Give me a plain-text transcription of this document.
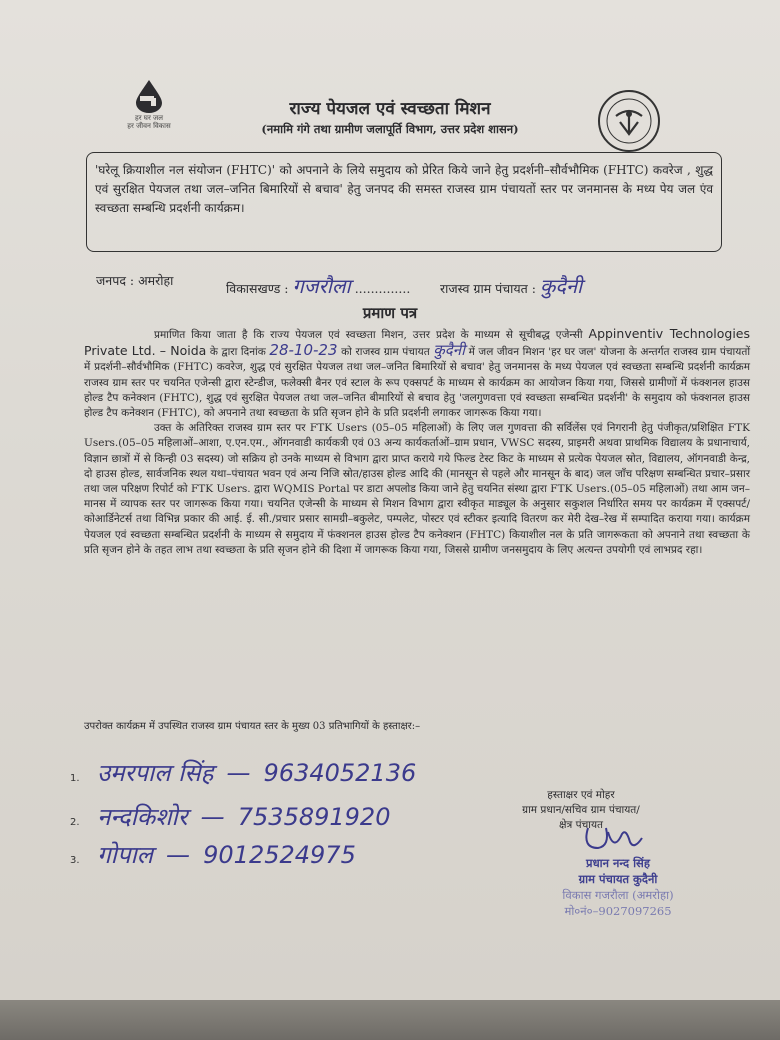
हर घर जल
हर जीवन विकास
राज्य पेयजल एवं स्वच्छता मिशन
(नमामि गंगे तथा ग्रामीण जलापूर्ति विभाग, उत्तर प्रदेश शासन)

'घरेलू क्रियाशील नल संयोजन (FHTC)' को अपनाने के लिये समुदाय को प्रेरित किये जाने हेतु प्रदर्शनी–सौर्वभौमिक (FHTC) कवरेज , शुद्ध एवं सुरक्षित पेयजल तथा जल–जनित बिमारियों से बचाव' हेतु जनपद की समस्त राजस्व ग्राम पंचायतों स्तर पर जनमानस के मध्य पेय जल एंव स्वच्छता सम्बन्धि प्रदर्शनी कार्यक्रम।

जनपद : अमरोहा
विकासखण्ड : गजरौला .............. राजस्व ग्राम पंचायत : कुदैनी
प्रमाण पत्र

प्रमाणित किया जाता है कि राज्य पेयजल एवं स्वच्छता मिशन, उत्तर प्रदेश के माध्यम से सूचीबद्ध एजेन्सी Appinventiv Technologies Private Ltd. – Noida के द्वारा दिनांक 28-10-23 को राजस्व ग्राम पंचायत कुदैनी में जल जीवन मिशन 'हर घर जल' योजना के अन्तर्गत राजस्व ग्राम पंचायतों में प्रदर्शनी–सौर्वभौमिक (FHTC) कवरेज, शुद्ध एवं सुरक्षित पेयजल तथा जल–जनित बिमारियों से बचाव' हेतु जनमानस के मध्य पेयजल एवं स्वच्छता सम्बन्धि प्रदर्शनी कार्यक्रम राजस्व ग्राम स्तर पर चयनित एजेन्सी द्वारा स्टेन्डीज, फलेक्सी बैनर एवं स्टाल के रूप एक्सपर्ट के माध्यम से कार्यक्रम का आयोजन किया गया, जिससे ग्रामीणों में फंक्शनल हाउस होल्ड टैप कनेक्शन (FHTC), शुद्ध एवं सुरक्षित पेयजल तथा जल–जनित बीमारियों से बचाव हेतु 'जलगुणवत्ता एवं स्वच्छता सम्बन्धित प्रदर्शनी' के समुदाय को फंक्शनल हाउस होल्ड टैप कनेक्शन (FHTC), को अपनाने तथा स्वच्छता के प्रति सृजन होने के प्रति प्रदर्शनी लगाकर जागरूक किया गया।

उक्त के अतिरिक्त राजस्व ग्राम स्तर पर FTK Users (05–05 महिलाओं) के लिए जल गुणवत्ता की सर्विलेंस एवं निगरानी हेतु पंजीकृत/प्रशिक्षित FTK Users.(05–05 महिलाओं–आशा, ए.एन.एम., ऑगनवाडी कार्यकत्री एवं 03 अन्य कार्यकर्ताओं–ग्राम प्रधान, VWSC सदस्य, प्राइमरी अथवा प्राथमिक विद्यालय के प्रधानाचार्य, विज्ञान छात्रों में से किन्ही 03 सदस्य) जो सक्रिय हो उनके माध्यम से विभाग द्वारा प्राप्त कराये गये फिल्ड टेस्ट किट के माध्यम से प्रत्येक पेयजल स्रोत, विद्यालय, ऑगनवाडी केन्द्र, दो हाउस होल्ड, सार्वजनिक स्थल यथा–पंचायत भवन एवं अन्य निजि स्रोत/हाउस होल्ड आदि की (मानसून से पहले और मानसून के बाद) जल जाँच परिक्षण सम्बन्धित प्रचार–प्रसार तथा जल परिक्षण रिपोर्ट को FTK Users. द्वारा WQMIS Portal पर डाटा अपलोड किया जाने हेतु चयनित संस्था द्वारा FTK Users.(05–05 महिलाओं) तथा आम जन–मानस में व्यापक स्तर पर जागरूक किया गया। चयनित एजेन्सी के माध्यम से मिशन विभाग द्वारा स्वीकृत माड्यूल के अनुसार सकुशल निर्धारित समय पर कार्यक्रम में एक्सपर्ट/कोआर्डिनेटर्स तथा विभिन्न प्रकार की आई. ई. सी./प्रचार प्रसार सामग्री–बकुलेट, पम्पलेट, पोस्टर एवं स्टीकर इत्यादि वितरण कर मेरी देख–रेख में सम्पादित कराया गया। कार्यक्रम पेयजल एवं स्वच्छता सम्बन्धित प्रदर्शनी के माध्यम से समुदाय में फंक्शनल हाउस होल्ड टैप कनेक्शन (FHTC) कियाशील नल के प्रति जागरूकता को अपनाने तथा स्वच्छता के प्रति सृजन होने के तहत लाभ तथा स्वच्छता के प्रति सृजन होने की दिशा में जागरूक किया गया, जिससे ग्रामीण जनसमुदाय के लिए अत्यन्त उपयोगी एवं लाभप्रद रहा।

उपरोक्त कार्यक्रम में उपस्थित राजस्व ग्राम पंचायत स्तर के मुख्य 03 प्रतिभागियों के हस्ताक्षर:–
1. उमरपाल सिंह — 9634052136
2. नन्दकिशोर — 7535891920
3. गोपाल — 9012524975
हस्ताक्षर एवं मोहर
ग्राम प्रधान/सचिव ग्राम पंचायत/
क्षेत्र पंचायत
प्रधान नन्द सिंह
ग्राम पंचायत कुदैनी
विकास गजरौला (अमरोहा)
मो०नं०–9027097265
